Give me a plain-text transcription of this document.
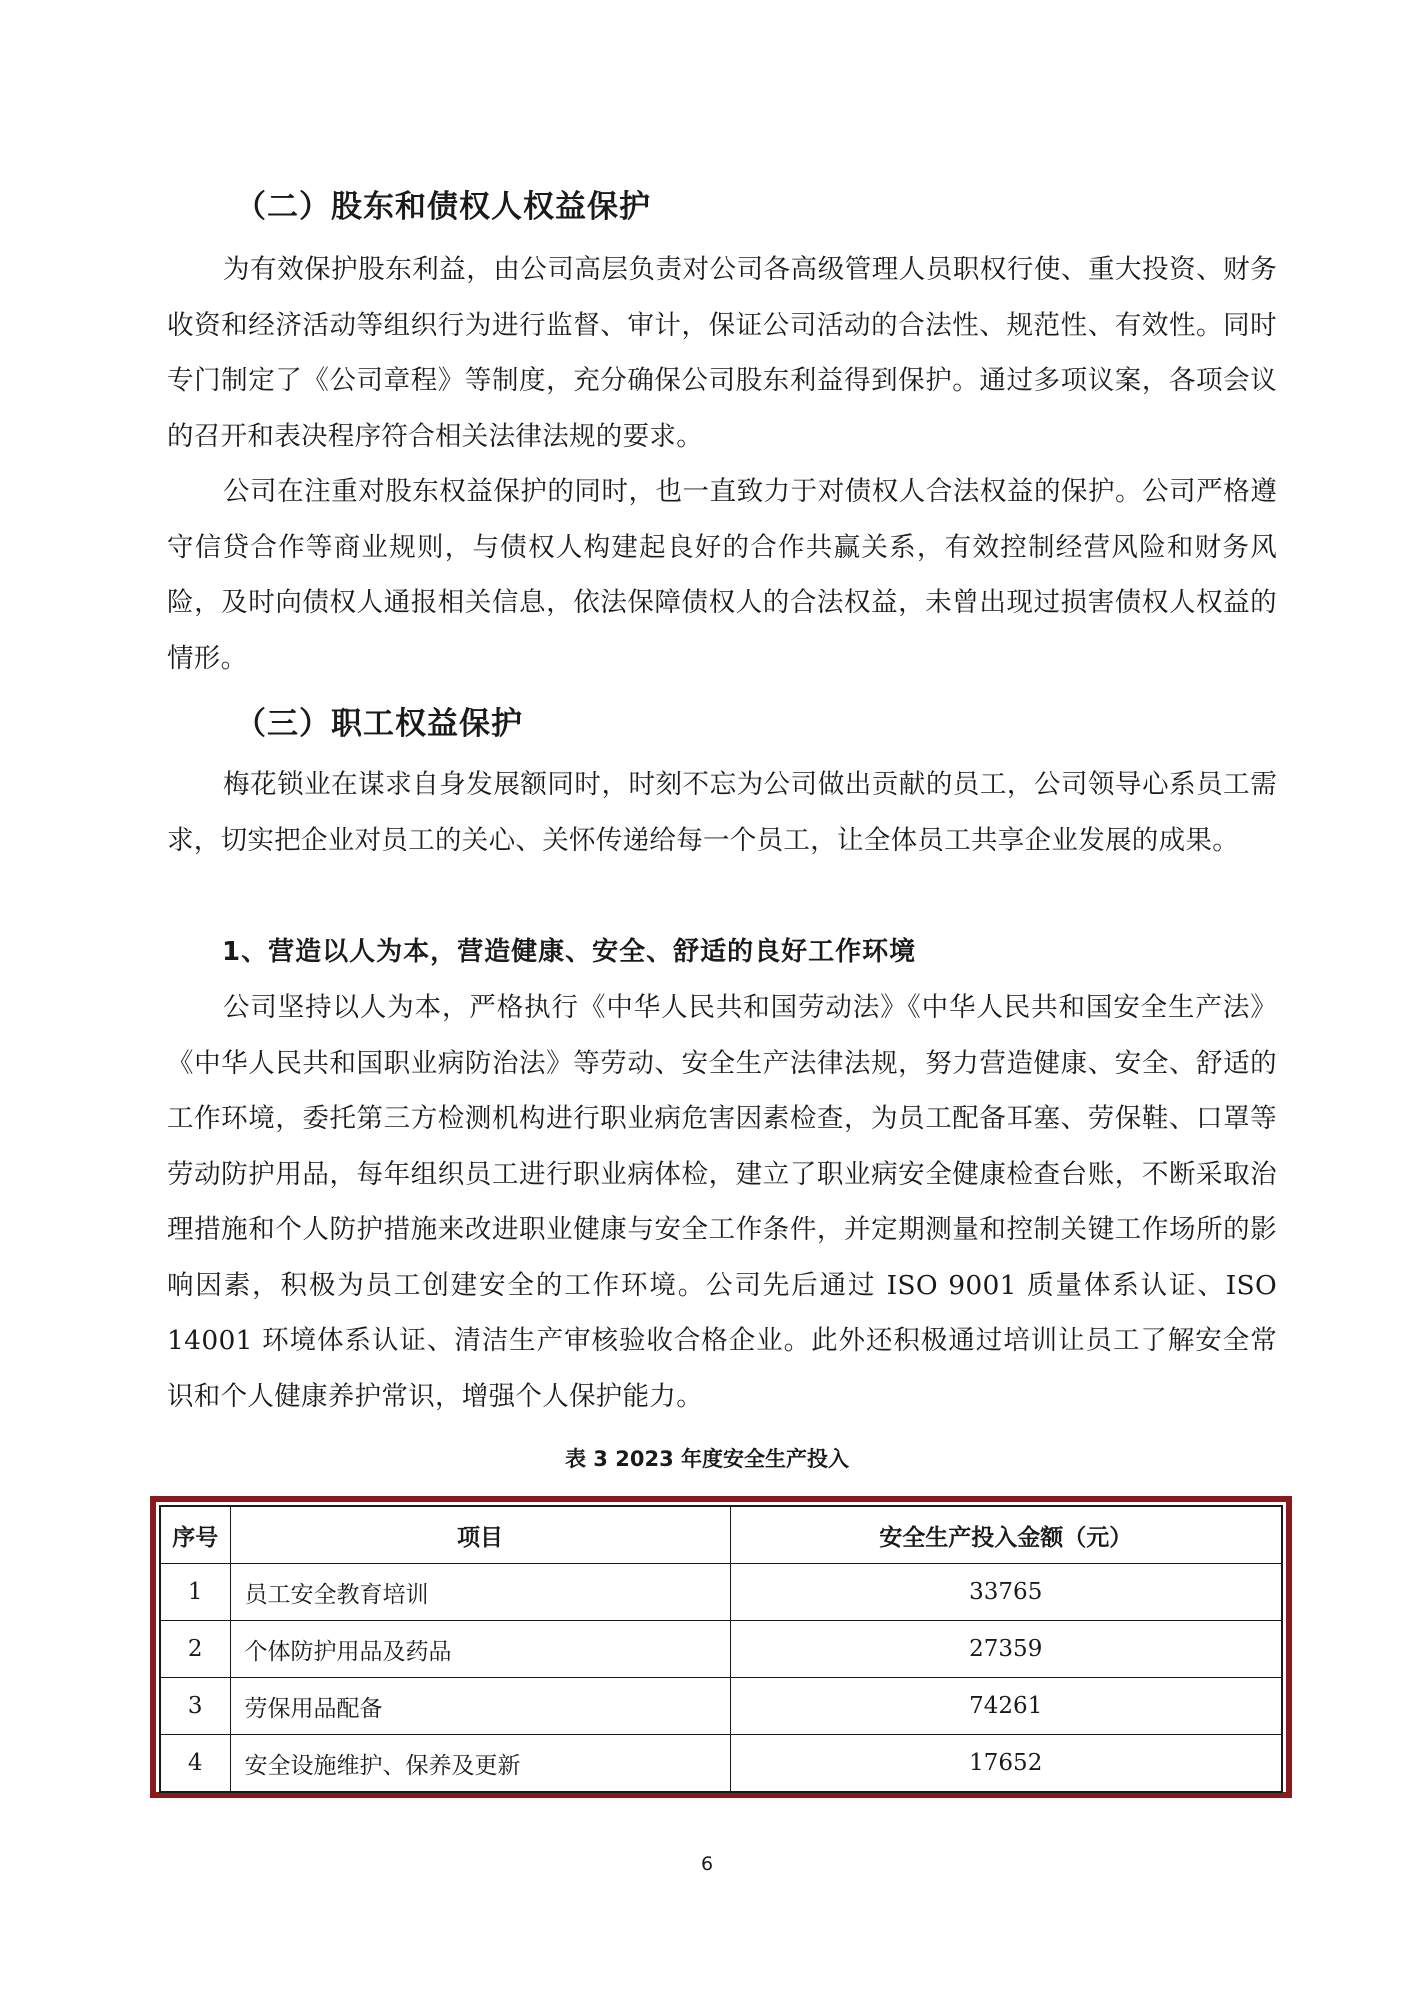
（二）股东和债权人权益保护

为有效保护股东利益，由公司高层负责对公司各高级管理人员职权行使、重大投资、财务收资和经济活动等组织行为进行监督、审计，保证公司活动的合法性、规范性、有效性。同时专门制定了《公司章程》等制度，充分确保公司股东利益得到保护。通过多项议案，各项会议的召开和表决程序符合相关法律法规的要求。

公司在注重对股东权益保护的同时，也一直致力于对债权人合法权益的保护。公司严格遵守信贷合作等商业规则，与债权人构建起良好的合作共赢关系，有效控制经营风险和财务风险，及时向债权人通报相关信息，依法保障债权人的合法权益，未曾出现过损害债权人权益的情形。

（三）职工权益保护

梅花锁业在谋求自身发展额同时，时刻不忘为公司做出贡献的员工，公司领导心系员工需求，切实把企业对员工的关心、关怀传递给每一个员工，让全体员工共享企业发展的成果。

1、营造以人为本，营造健康、安全、舒适的良好工作环境

公司坚持以人为本，严格执行《中华人民共和国劳动法》《中华人民共和国安全生产法》《中华人民共和国职业病防治法》等劳动、安全生产法律法规，努力营造健康、安全、舒适的工作环境，委托第三方检测机构进行职业病危害因素检查，为员工配备耳塞、劳保鞋、口罩等劳动防护用品，每年组织员工进行职业病体检，建立了职业病安全健康检查台账，不断采取治理措施和个人防护措施来改进职业健康与安全工作条件，并定期测量和控制关键工作场所的影响因素，积极为员工创建安全的工作环境。公司先后通过 ISO 9001 质量体系认证、ISO 14001 环境体系认证、清洁生产审核验收合格企业。此外还积极通过培训让员工了解安全常识和个人健康养护常识，增强个人保护能力。

表 3 2023 年度安全生产投入

序号	项目	安全生产投入金额（元）
1	员工安全教育培训	33765
2	个体防护用品及药品	27359
3	劳保用品配备	74261
4	安全设施维护、保养及更新	17652

6
